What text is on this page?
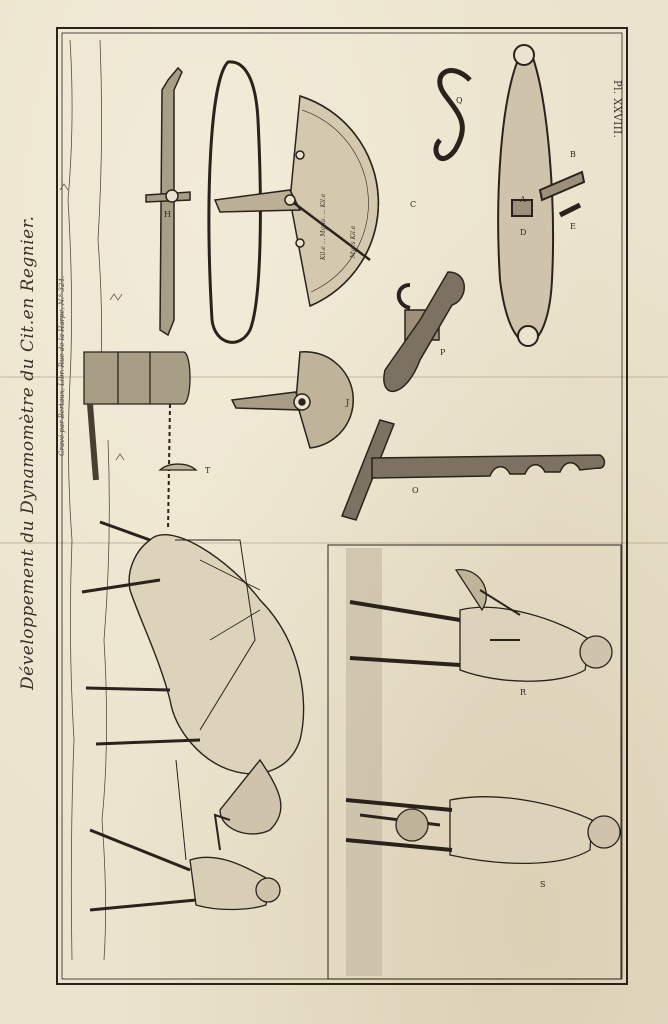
B
A
D
E
Q
C
H
J
P
O
T
R
S
Kil.e ... Myria. ... Kil.e	Myr.s Kil.e
Développement du Dynamomètre du Cit.en Regnier.
Pl. XXVIII.
Gravé par Bertaux, Libr. Rue de la Harpe, N.° 324.
